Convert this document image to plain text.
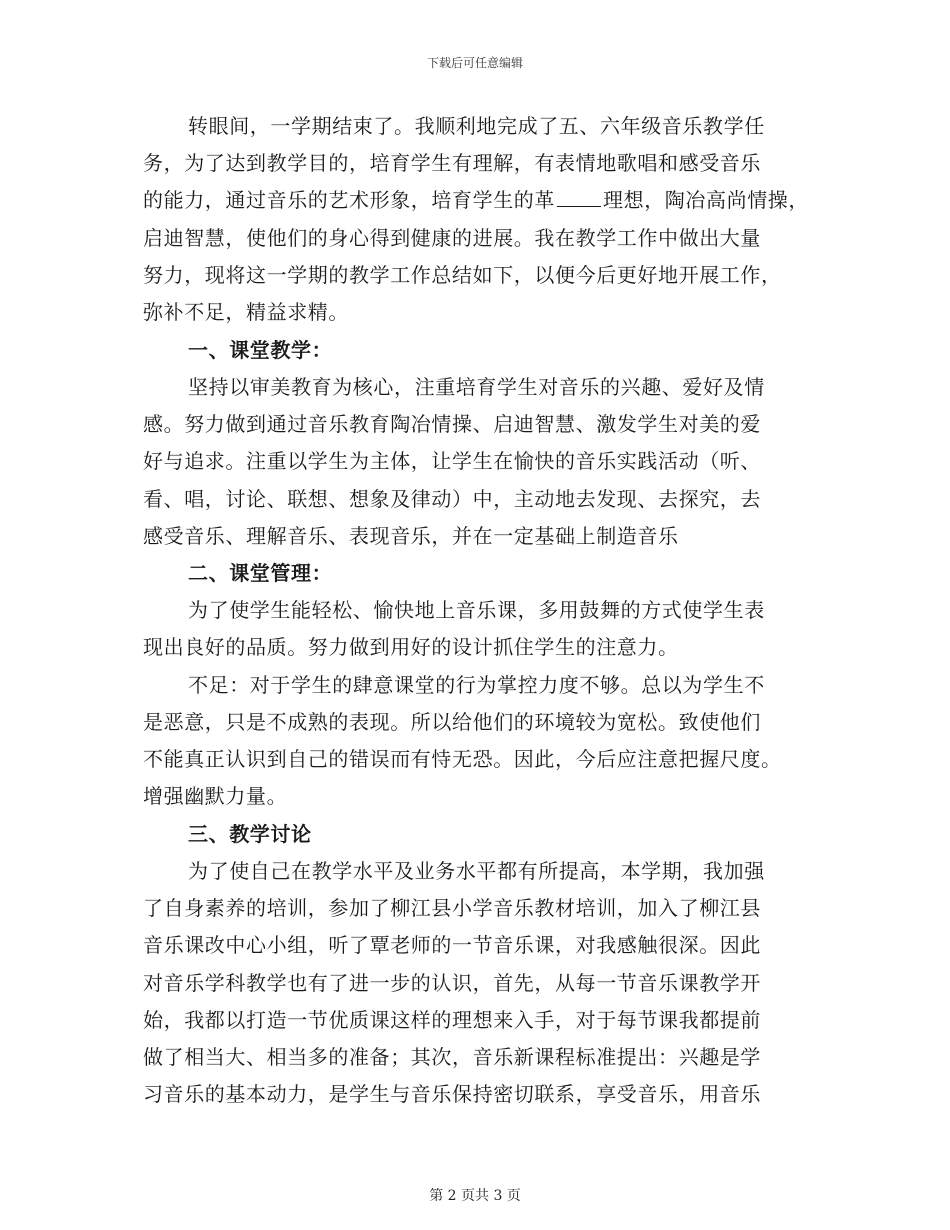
下载后可任意编辑
转眼间，一学期结束了。我顺利地完成了五、六年级音乐教学任
务，为了达到教学目的，培育学生有理解，有表情地歌唱和感受音乐
的能力，通过音乐的艺术形象，培育学生的革 理想，陶冶高尚情操，
启迪智慧，使他们的身心得到健康的进展。我在教学工作中做出大量
努力，现将这一学期的教学工作总结如下，以便今后更好地开展工作，
弥补不足，精益求精。
一、课堂教学：
坚持以审美教育为核心，注重培育学生对音乐的兴趣、爱好及情
感。努力做到通过音乐教育陶冶情操、启迪智慧、激发学生对美的爱
好与追求。注重以学生为主体，让学生在愉快的音乐实践活动（听、
看、唱，讨论、联想、想象及律动）中，主动地去发现、去探究，去
感受音乐、理解音乐、表现音乐，并在一定基础上制造音乐
二、课堂管理：
为了使学生能轻松、愉快地上音乐课，多用鼓舞的方式使学生表
现出良好的品质。努力做到用好的设计抓住学生的注意力。
不足：对于学生的肆意课堂的行为掌控力度不够。总以为学生不
是恶意，只是不成熟的表现。所以给他们的环境较为宽松。致使他们
不能真正认识到自己的错误而有恃无恐。因此，今后应注意把握尺度。
增强幽默力量。
三、教学讨论
为了使自己在教学水平及业务水平都有所提高，本学期，我加强
了自身素养的培训，参加了柳江县小学音乐教材培训，加入了柳江县
音乐课改中心小组，听了覃老师的一节音乐课，对我感触很深。因此
对音乐学科教学也有了进一步的认识，首先，从每一节音乐课教学开
始，我都以打造一节优质课这样的理想来入手，对于每节课我都提前
做了相当大、相当多的准备；其次，音乐新课程标准提出：兴趣是学
习音乐的基本动力，是学生与音乐保持密切联系，享受音乐，用音乐
第 2 页共 3 页
